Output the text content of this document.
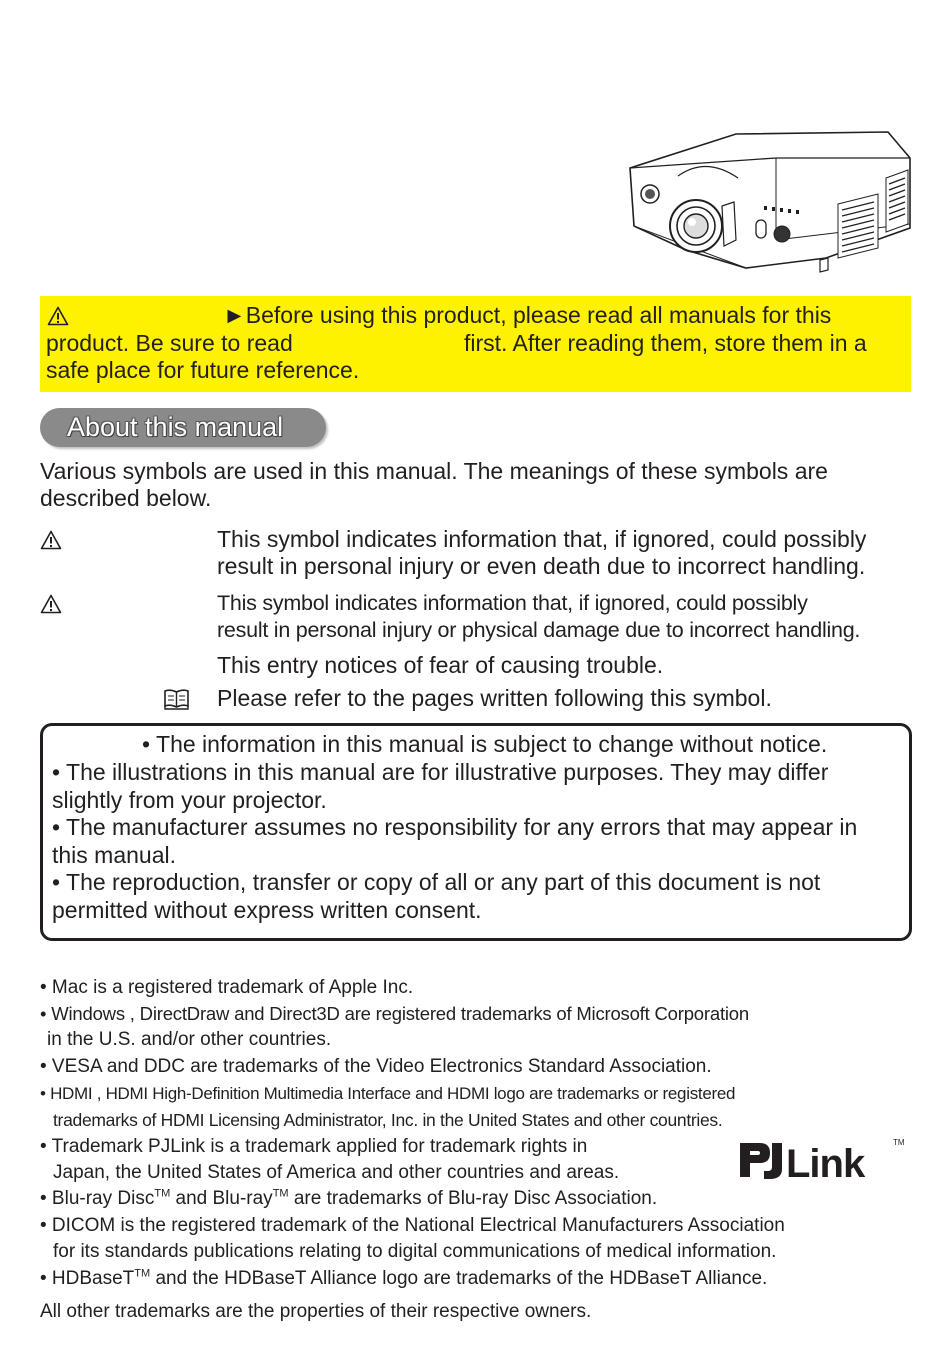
►Before using this product, please read all manuals for this
product. Be sure to read	first. After reading them, store them in a
safe place for future reference.
About this manual
Various symbols are used in this manual. The meanings of these symbols are
described below.
This symbol indicates information that, if ignored, could possibly
result in personal injury or even death due to incorrect handling.
This symbol indicates information that, if ignored, could possibly
result in personal injury or physical damage due to incorrect handling.
This entry notices of fear of causing trouble.
Please refer to the pages written following this symbol.
• The information in this manual is subject to change without notice.
• The illustrations in this manual are for illustrative purposes. They may differ
slightly from your projector.
• The manufacturer assumes no responsibility for any errors that may appear in
this manual.
• The reproduction, transfer or copy of all or any part of this document is not
permitted without express written consent.
• Mac is a registered trademark of Apple Inc.
• Windows , DirectDraw and Direct3D are registered trademarks of Microsoft Corporation
in the U.S. and/or other countries.
• VESA and DDC are trademarks of the Video Electronics Standard Association.
• HDMI , HDMI High-Definition Multimedia Interface and HDMI logo are trademarks or registered
trademarks of HDMI Licensing Administrator, Inc. in the United States and other countries.
• Trademark PJLink is a trademark applied for trademark rights in
Japan, the United States of America and other countries and areas.
• Blu-ray Disc™ and Blu-ray™ are trademarks of Blu-ray Disc Association.
• DICOM is the registered trademark of the National Electrical Manufacturers Association
for its standards publications relating to digital communications of medical information.
• HDBaseT™ and the HDBaseT Alliance logo are trademarks of the HDBaseT Alliance.
All other trademarks are the properties of their respective owners.
Link	TM
